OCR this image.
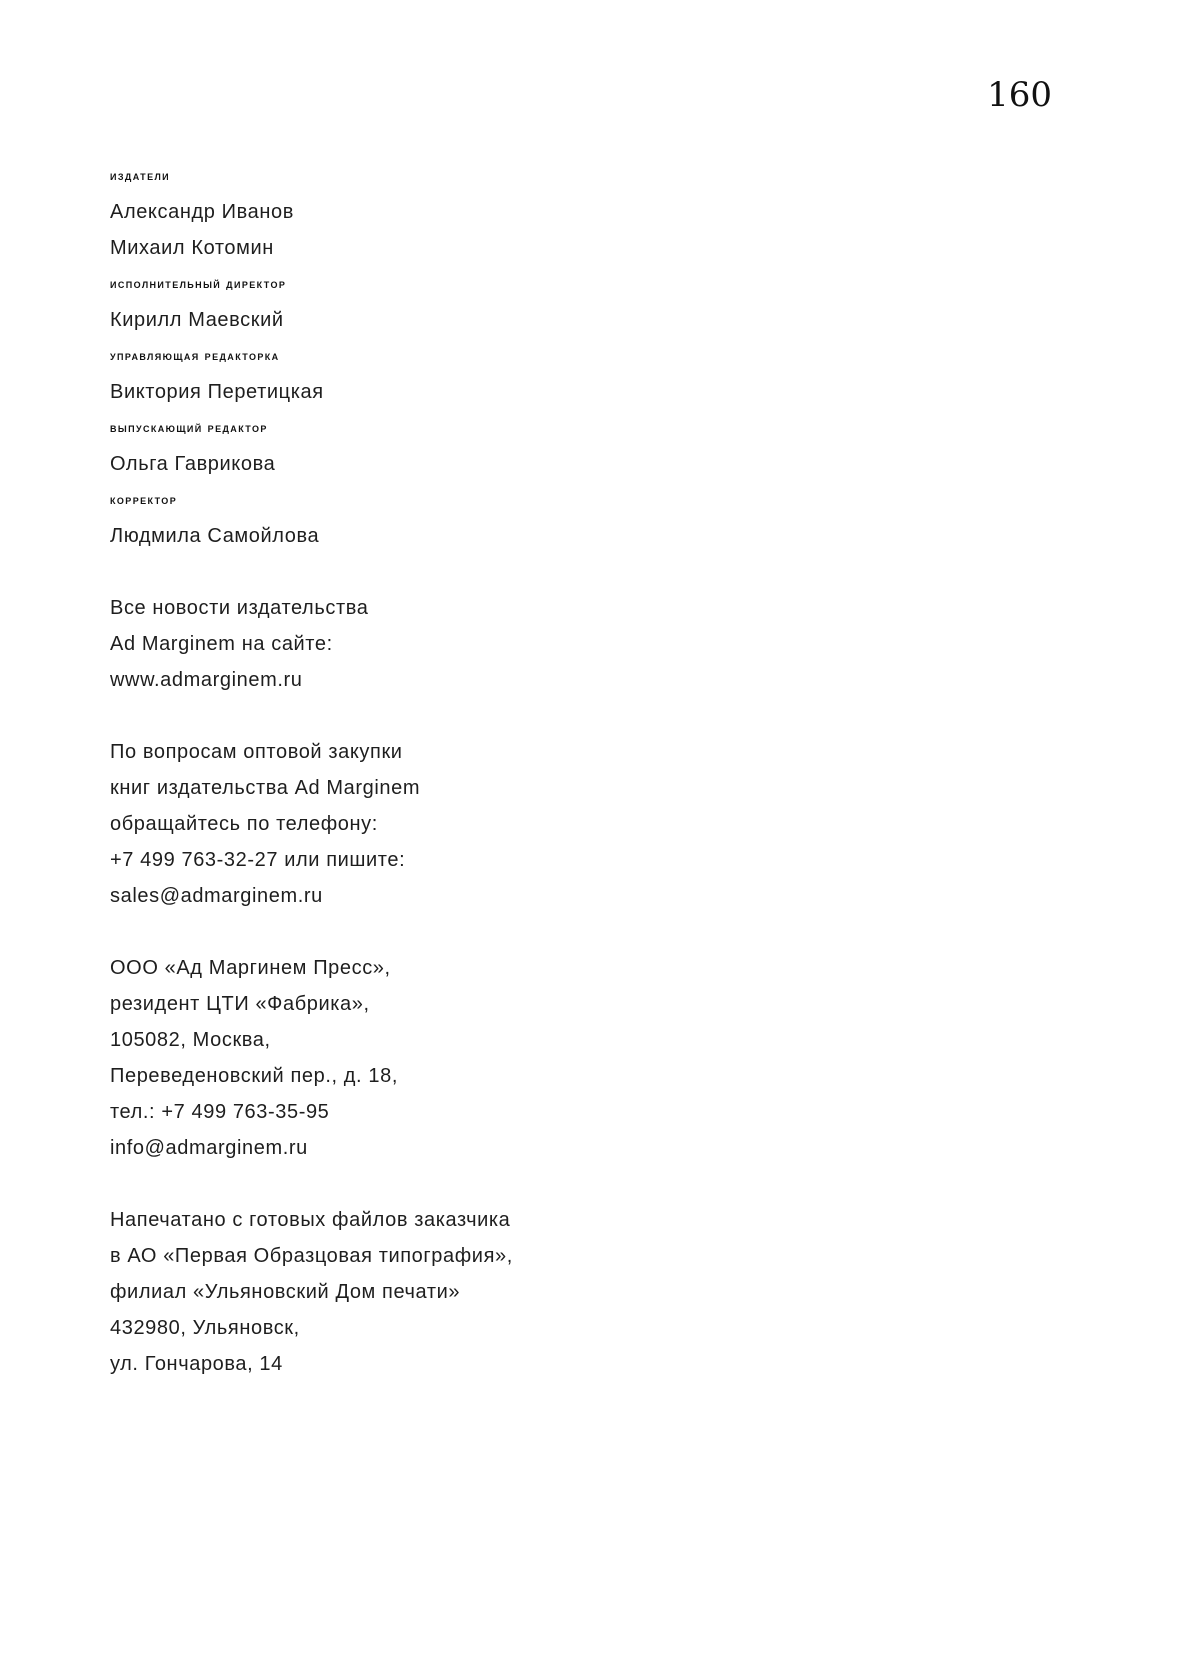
160
издатели
Александр Иванов
Михаил Котомин
исполнительный директор
Кирилл Маевский
управляющая редакторка
Виктория Перетицкая
выпускающий редактор
Ольга Гаврикова
корректор
Людмила Самойлова
Все новости издательства
Ad Marginem на сайте:
www.admarginem.ru
По вопросам оптовой закупки
книг издательства Ad Marginem
обращайтесь по телефону:
+7 499 763-32-27 или пишите:
sales@admarginem.ru
ООО «Ад Маргинем Пресс»,
резидент ЦТИ «Фабрика»,
105082, Москва,
Переведеновский пер., д. 18,
тел.: +7 499 763-35-95
info@admarginem.ru
Напечатано с готовых файлов заказчика
в АО «Первая Образцовая типография»,
филиал «Ульяновский Дом печати»
432980, Ульяновск,
ул. Гончарова, 14
